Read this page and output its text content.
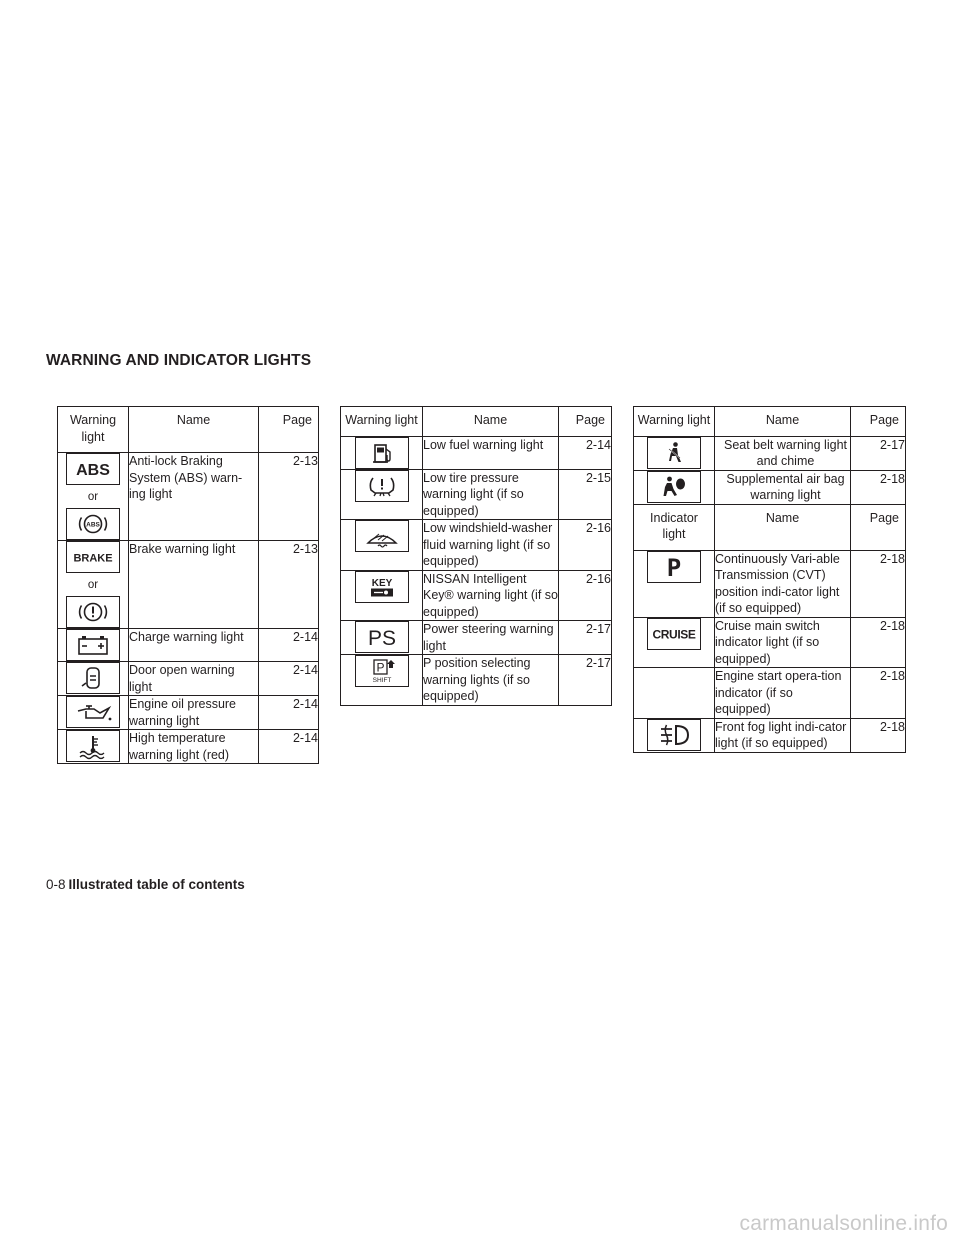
WARNING AND INDICATOR LIGHTS
Warning light	Name	Page

ABS
or
ABS	Anti-lock Braking System (ABS) warn-ing light	2-13

BRAKE
or	Brake warning light	2-13

	Charge warning light	2-14

	Door open warning light	2-14

	Engine oil pressure warning light	2-14

	High temperature warning light (red)	2-14
Warning light	Name	Page

	Low fuel warning light	2-14

	Low tire pressure warning light (if so equipped)	2-15

	Low windshield-washer fluid warning light (if so equipped)	2-16

KEY	NISSAN Intelligent Key® warning light (if so equipped)	2-16

PS	Power steering warning light	2-17

P
SHIFT	P position selecting warning lights (if so equipped)	2-17
Warning light	Name	Page

	Seat belt warning light and chime	2-17

	Supplemental air bag warning light	2-18
Indicator light	Name	Page

P	Continuously Vari-able Transmission (CVT) position indi-cator light (if so equipped)	2-18

CRUISE	Cruise main switch indicator light (if so equipped)	2-18
	Engine start opera-tion indicator (if so equipped)	2-18

	Front fog light indi-cator light (if so equipped)	2-18
0-8 Illustrated table of contents
carmanualsonline.info
